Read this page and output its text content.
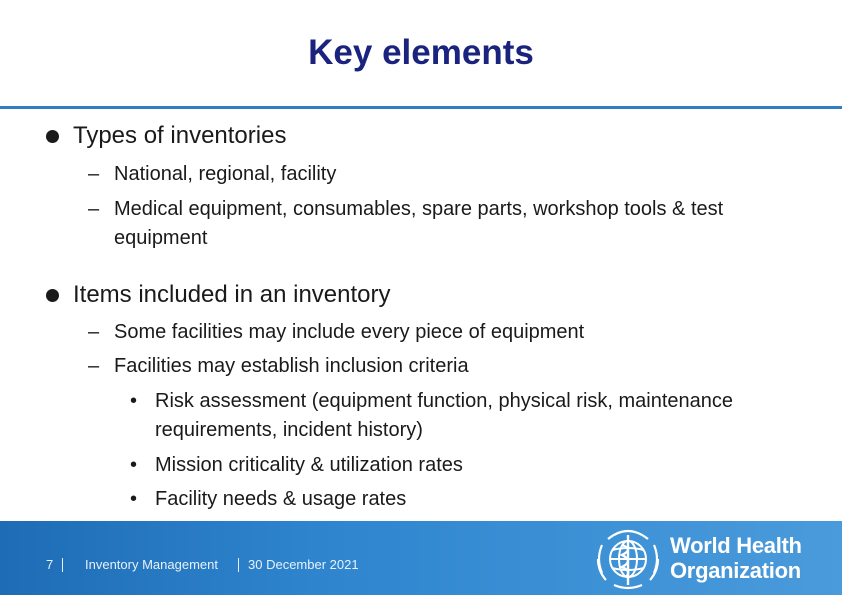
Key elements
Types of inventories
– National, regional, facility
– Medical equipment, consumables, spare parts, workshop tools & test equipment
Items included in an inventory
– Some facilities may include every piece of equipment
– Facilities may establish inclusion criteria
• Risk assessment (equipment function, physical risk, maintenance requirements, incident history)
• Mission criticality & utilization rates
• Facility needs & usage rates
7 Inventory Management 30 December 2021
World Health
Organization
